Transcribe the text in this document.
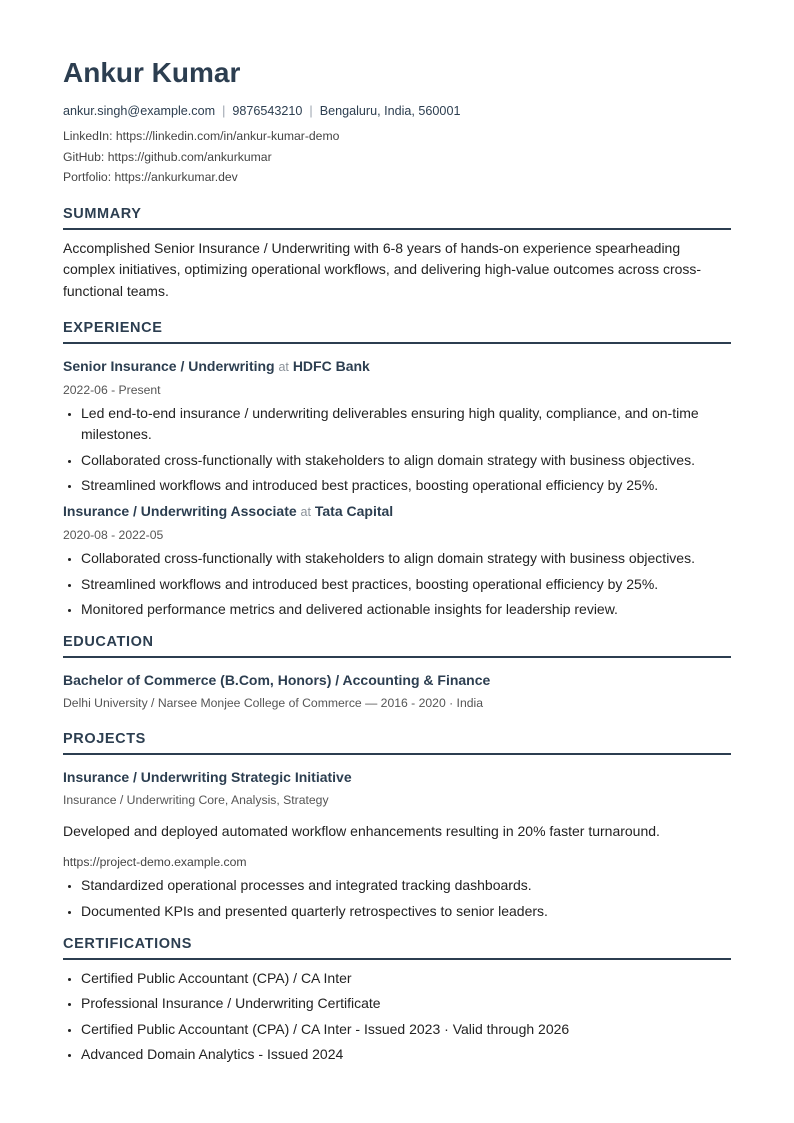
Ankur Kumar
ankur.singh@example.com | 9876543210 | Bengaluru, India, 560001
LinkedIn: https://linkedin.com/in/ankur-kumar-demo
GitHub: https://github.com/ankurkumar
Portfolio: https://ankurkumar.dev
SUMMARY
Accomplished Senior Insurance / Underwriting with 6-8 years of hands-on experience spearheading complex initiatives, optimizing operational workflows, and delivering high-value outcomes across cross-functional teams.
EXPERIENCE
Senior Insurance / Underwriting at HDFC Bank
2022-06 - Present
• Led end-to-end insurance / underwriting deliverables ensuring high quality, compliance, and on-time milestones.
• Collaborated cross-functionally with stakeholders to align domain strategy with business objectives.
• Streamlined workflows and introduced best practices, boosting operational efficiency by 25%.
Insurance / Underwriting Associate at Tata Capital
2020-08 - 2022-05
• Collaborated cross-functionally with stakeholders to align domain strategy with business objectives.
• Streamlined workflows and introduced best practices, boosting operational efficiency by 25%.
• Monitored performance metrics and delivered actionable insights for leadership review.
EDUCATION
Bachelor of Commerce (B.Com, Honors) / Accounting & Finance
Delhi University / Narsee Monjee College of Commerce — 2016 - 2020 · India
PROJECTS
Insurance / Underwriting Strategic Initiative
Insurance / Underwriting Core, Analysis, Strategy
Developed and deployed automated workflow enhancements resulting in 20% faster turnaround.
https://project-demo.example.com
• Standardized operational processes and integrated tracking dashboards.
• Documented KPIs and presented quarterly retrospectives to senior leaders.
CERTIFICATIONS
• Certified Public Accountant (CPA) / CA Inter
• Professional Insurance / Underwriting Certificate
• Certified Public Accountant (CPA) / CA Inter - Issued 2023 · Valid through 2026
• Advanced Domain Analytics - Issued 2024
